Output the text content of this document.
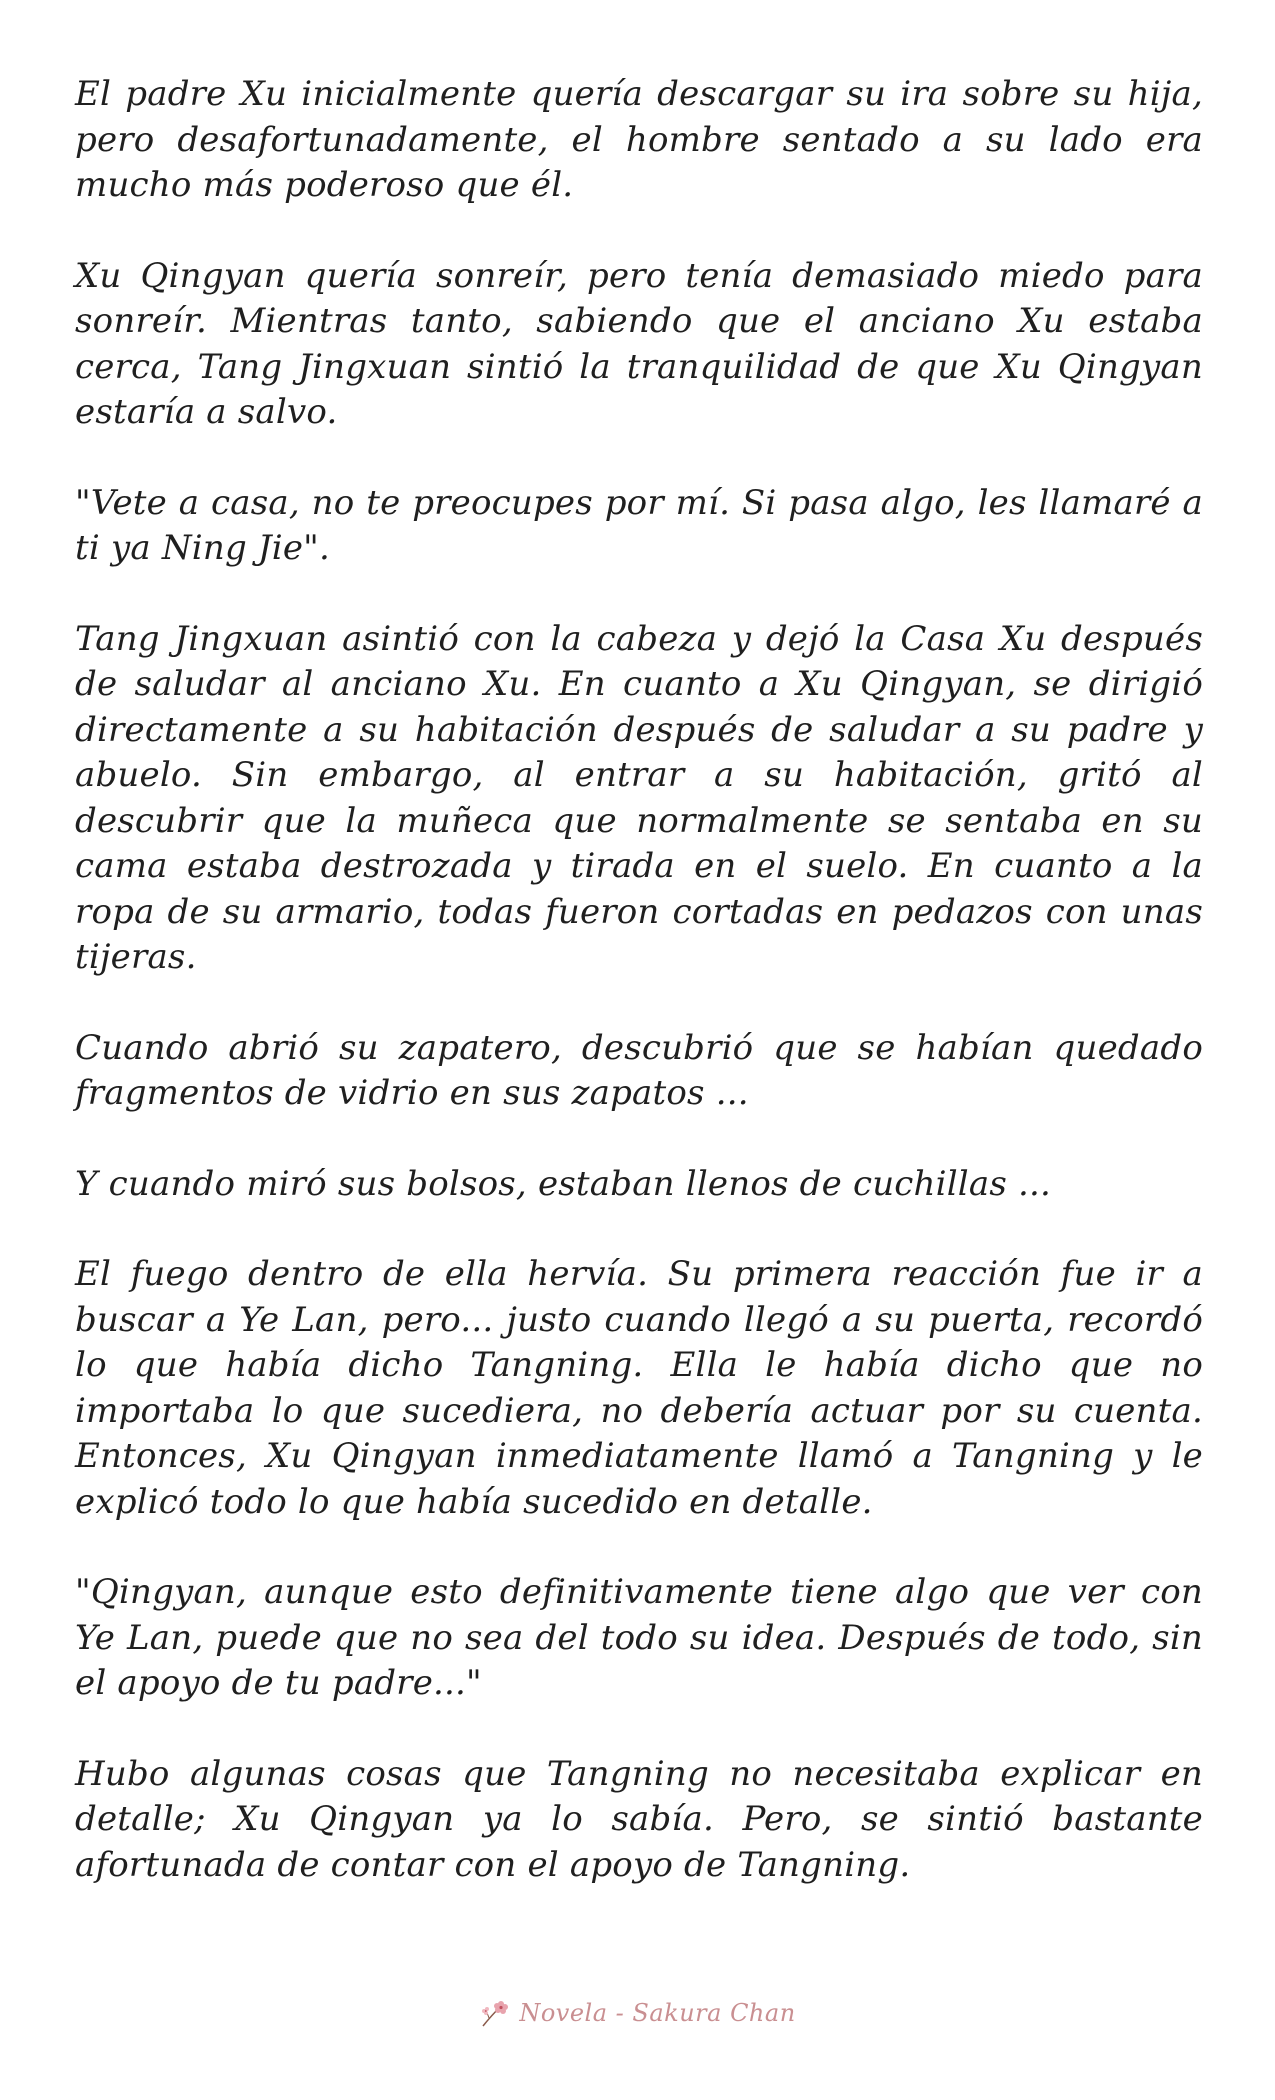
El padre Xu inicialmente quería descargar su ira sobre su hija, pero desafortunadamente, el hombre sentado a su lado era mucho más poderoso que él.

Xu Qingyan quería sonreír, pero tenía demasiado miedo para sonreír. Mientras tanto, sabiendo que el anciano Xu estaba cerca, Tang Jingxuan sintió la tranquilidad de que Xu Qingyan estaría a salvo.

"Vete a casa, no te preocupes por mí. Si pasa algo, les llamaré a ti ya Ning Jie".

Tang Jingxuan asintió con la cabeza y dejó la Casa Xu después de saludar al anciano Xu. En cuanto a Xu Qingyan, se dirigió directamente a su habitación después de saludar a su padre y abuelo. Sin embargo, al entrar a su habitación, gritó al descubrir que la muñeca que normalmente se sentaba en su cama estaba destrozada y tirada en el suelo. En cuanto a la ropa de su armario, todas fueron cortadas en pedazos con unas tijeras.

Cuando abrió su zapatero, descubrió que se habían quedado fragmentos de vidrio en sus zapatos ...

Y cuando miró sus bolsos, estaban llenos de cuchillas ...

El fuego dentro de ella hervía. Su primera reacción fue ir a buscar a Ye Lan, pero... justo cuando llegó a su puerta, recordó lo que había dicho Tangning. Ella le había dicho que no importaba lo que sucediera, no debería actuar por su cuenta. Entonces, Xu Qingyan inmediatamente llamó a Tangning y le explicó todo lo que había sucedido en detalle.

"Qingyan, aunque esto definitivamente tiene algo que ver con Ye Lan, puede que no sea del todo su idea. Después de todo, sin el apoyo de tu padre..."

Hubo algunas cosas que Tangning no necesitaba explicar en detalle; Xu Qingyan ya lo sabía. Pero, se sintió bastante afortunada de contar con el apoyo de Tangning.

Novela - Sakura Chan
